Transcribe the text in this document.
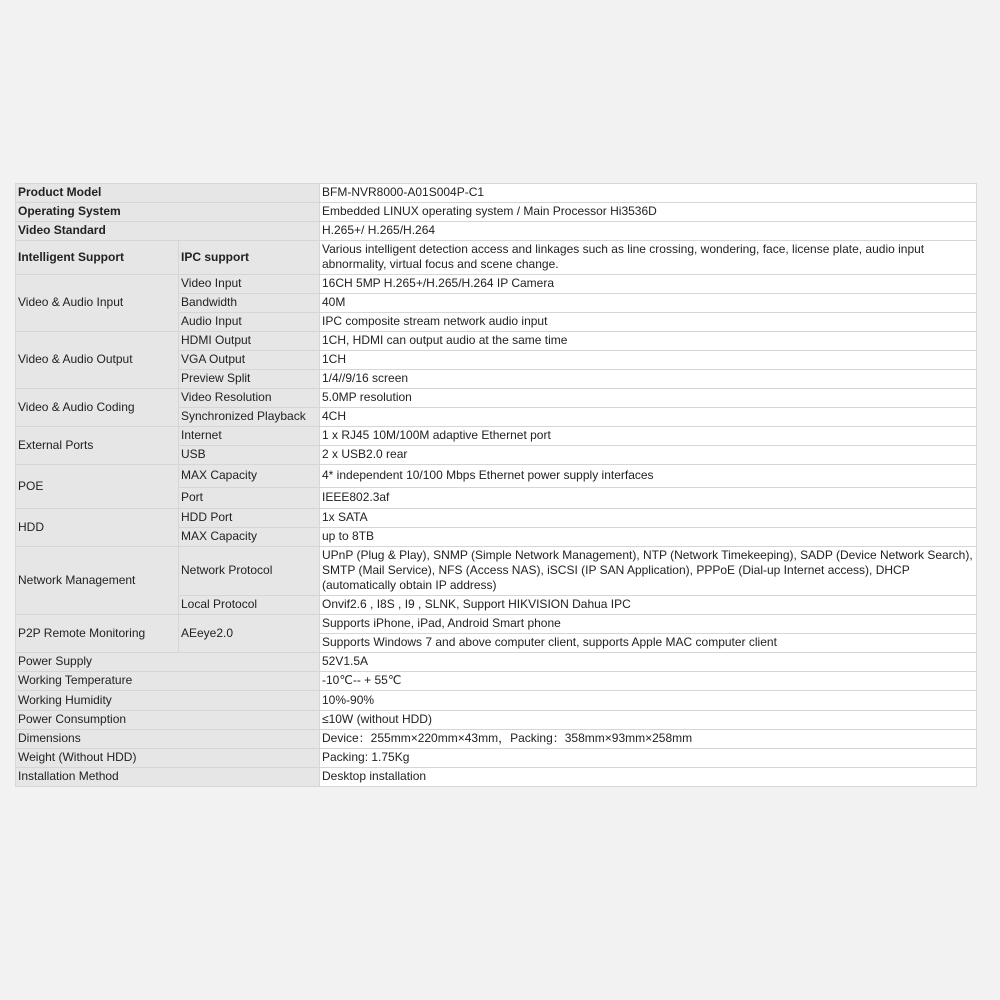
Product Model		BFM-NVR8000-A01S004P-C1
Operating System		Embedded LINUX operating system / Main Processor Hi3536D
Video Standard		H.265+/ H.265/H.264
Intelligent Support	IPC support	Various intelligent detection access and linkages such as line crossing, wondering, face, license plate, audio input abnormality, virtual focus and scene change.
Video & Audio Input	Video Input	16CH 5MP H.265+/H.265/H.264 IP Camera
	Bandwidth	40M
	Audio Input	IPC composite stream network audio input
Video & Audio Output	HDMI Output	1CH, HDMI can output audio at the same time
	VGA Output	1CH
	Preview Split	1/4//9/16 screen
Video & Audio Coding	Video Resolution	5.0MP resolution
	Synchronized Playback	4CH
External Ports	Internet	1 x RJ45 10M/100M adaptive Ethernet port
	USB	2 x USB2.0 rear
POE	MAX Capacity	4* independent 10/100 Mbps Ethernet power supply interfaces
	Port	IEEE802.3af
HDD	HDD Port	1x SATA
	MAX Capacity	up to 8TB
Network Management	Network Protocol	UPnP (Plug & Play), SNMP (Simple Network Management), NTP (Network Timekeeping), SADP (Device Network Search), SMTP (Mail Service), NFS (Access NAS), iSCSI (IP SAN Application), PPPoE (Dial-up Internet access), DHCP (automatically obtain IP address)
	Local Protocol	Onvif2.6 , I8S , I9 , SLNK, Support HIKVISION Dahua IPC
P2P Remote Monitoring	AEeye2.0	Supports iPhone, iPad, Android Smart phone
		Supports Windows 7 and above computer client, supports Apple MAC computer client
Power Supply		52V1.5A
Working Temperature		-10℃-- + 55℃
Working Humidity		10%-90%
Power Consumption		≤10W (without HDD)
Dimensions		Device：255mm×220mm×43mm，Packing：358mm×93mm×258mm
Weight (Without HDD)		Packing: 1.75Kg
Installation Method		Desktop installation
